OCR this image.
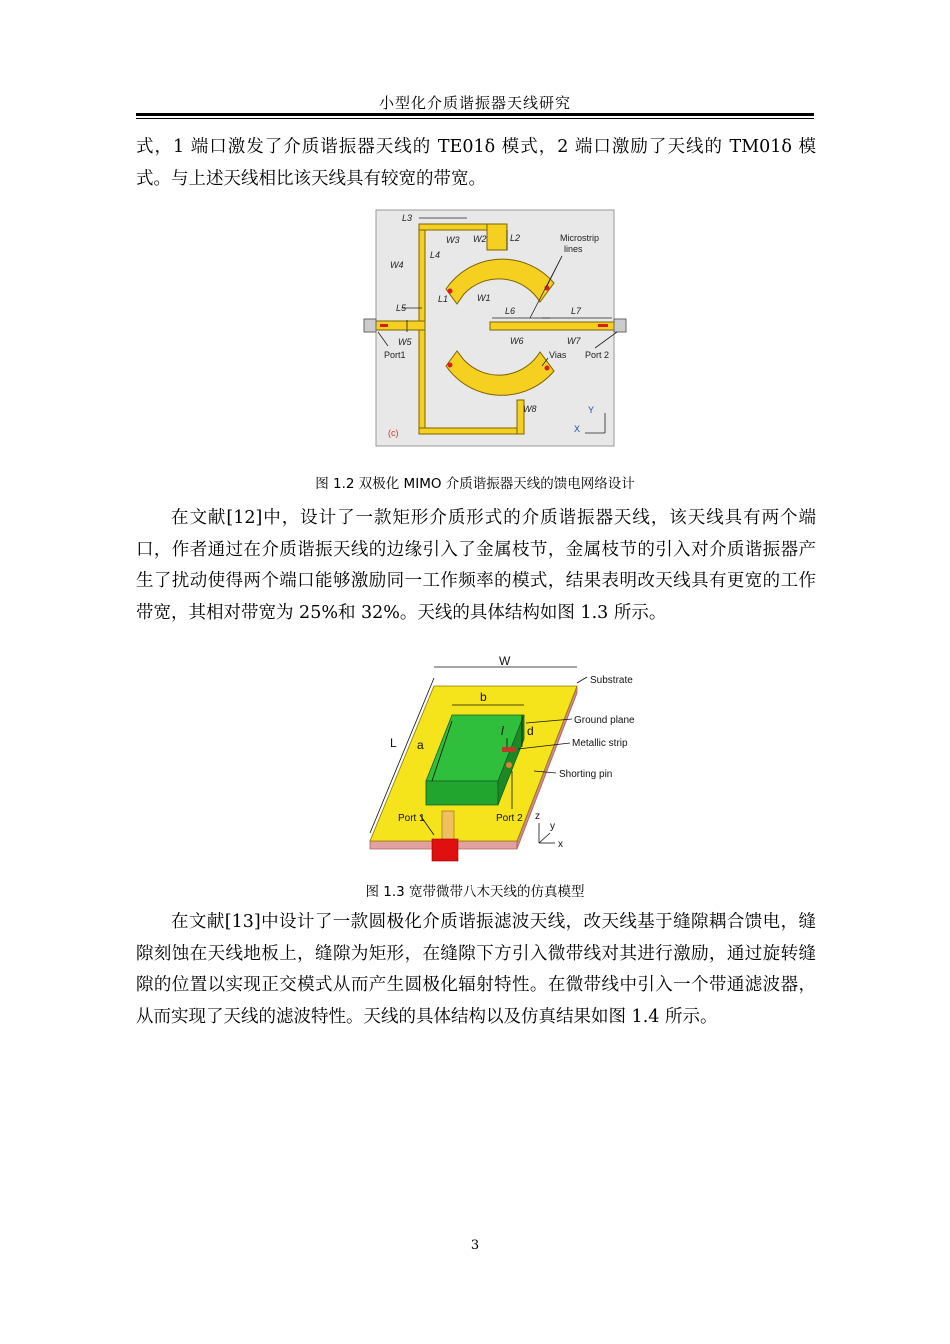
小型化介质谐振器天线研究

式，1 端口激发了介质谐振器天线的 TE01δ 模式，2 端口激励了天线的 TM01δ 模式。与上述天线相比该天线具有较宽的带宽。

L3
L2
W3 W2
W4
L4
L1	W1
L5
W5
L6	L7
W6	W7
W8
Microstrip
lines
Vias
Port1	Port 2
(c)
Y
X
图 1.2 双极化 MIMO 介质谐振器天线的馈电网络设计

在文献[12]中，设计了一款矩形介质形式的介质谐振器天线，该天线具有两个端口，作者通过在介质谐振天线的边缘引入了金属枝节，金属枝节的引入对介质谐振器产生了扰动使得两个端口能够激励同一工作频率的模式，结果表明改天线具有更宽的工作带宽，其相对带宽为 25%和 32%。天线的具体结构如图 1.3 所示。

W
L a
b
d
l
Substrate
Ground plane
Metallic strip
Shorting pin
Port 1	Port 2 z
y
x
图 1.3 宽带微带八木天线的仿真模型

在文献[13]中设计了一款圆极化介质谐振滤波天线，改天线基于缝隙耦合馈电，缝隙刻蚀在天线地板上，缝隙为矩形，在缝隙下方引入微带线对其进行激励，通过旋转缝隙的位置以实现正交模式从而产生圆极化辐射特性。在微带线中引入一个带通滤波器，从而实现了天线的滤波特性。天线的具体结构以及仿真结果如图 1.4 所示。

3
